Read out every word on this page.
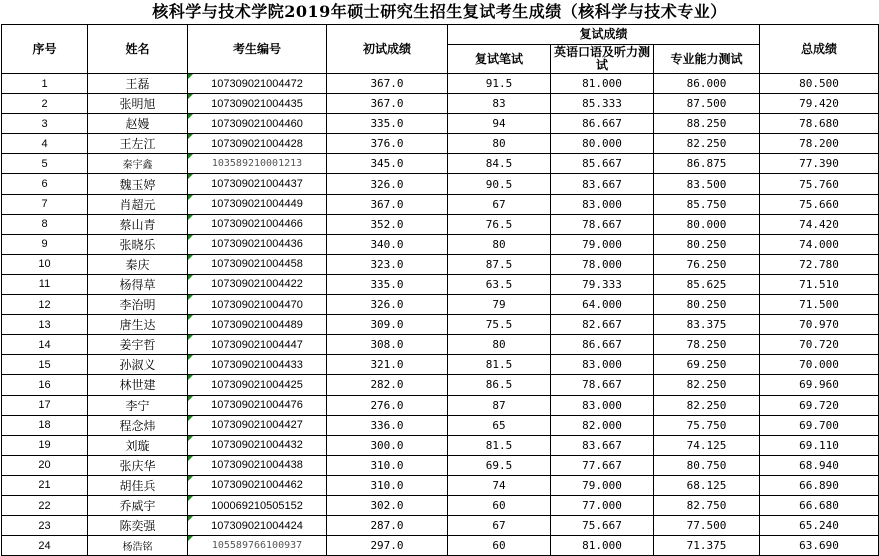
核科学与技术学院2019年硕士研究生招生复试考生成绩（核科学与技术专业）
序号	姓名	考生编号	初试成绩	复试成绩			总成绩
				复试笔试	英语口语及听力测试	专业能力测试	
1	王磊	107309021004472	367.0	91.5	81.000	86.000	80.500
2	张明旭	107309021004435	367.0	83	85.333	87.500	79.420
3	赵嫚	107309021004460	335.0	94	86.667	88.250	78.680
4	王左江	107309021004428	376.0	80	80.000	82.250	78.200
5	秦宇鑫	103589210001213	345.0	84.5	85.667	86.875	77.390
6	魏玉婷	107309021004437	326.0	90.5	83.667	83.500	75.760
7	肖超元	107309021004449	367.0	67	83.000	85.750	75.660
8	蔡山青	107309021004466	352.0	76.5	78.667	80.000	74.420
9	张晓乐	107309021004436	340.0	80	79.000	80.250	74.000
10	秦庆	107309021004458	323.0	87.5	78.000	76.250	72.780
11	杨得草	107309021004422	335.0	63.5	79.333	85.625	71.510
12	李治明	107309021004470	326.0	79	64.000	80.250	71.500
13	唐生达	107309021004489	309.0	75.5	82.667	83.375	70.970
14	姜宇哲	107309021004447	308.0	80	86.667	78.250	70.720
15	孙淑义	107309021004433	321.0	81.5	83.000	69.250	70.000
16	林世建	107309021004425	282.0	86.5	78.667	82.250	69.960
17	李宁	107309021004476	276.0	87	83.000	82.250	69.720
18	程念炜	107309021004427	336.0	65	82.000	75.750	69.700
19	刘璇	107309021004432	300.0	81.5	83.667	74.125	69.110
20	张庆华	107309021004438	310.0	69.5	77.667	80.750	68.940
21	胡佳兵	107309021004462	310.0	74	79.000	68.125	66.890
22	乔威宇	100069210505152	302.0	60	77.000	82.750	66.680
23	陈奕强	107309021004424	287.0	67	75.667	77.500	65.240
24	杨浩铭	105589766100937	297.0	60	81.000	71.375	63.690
